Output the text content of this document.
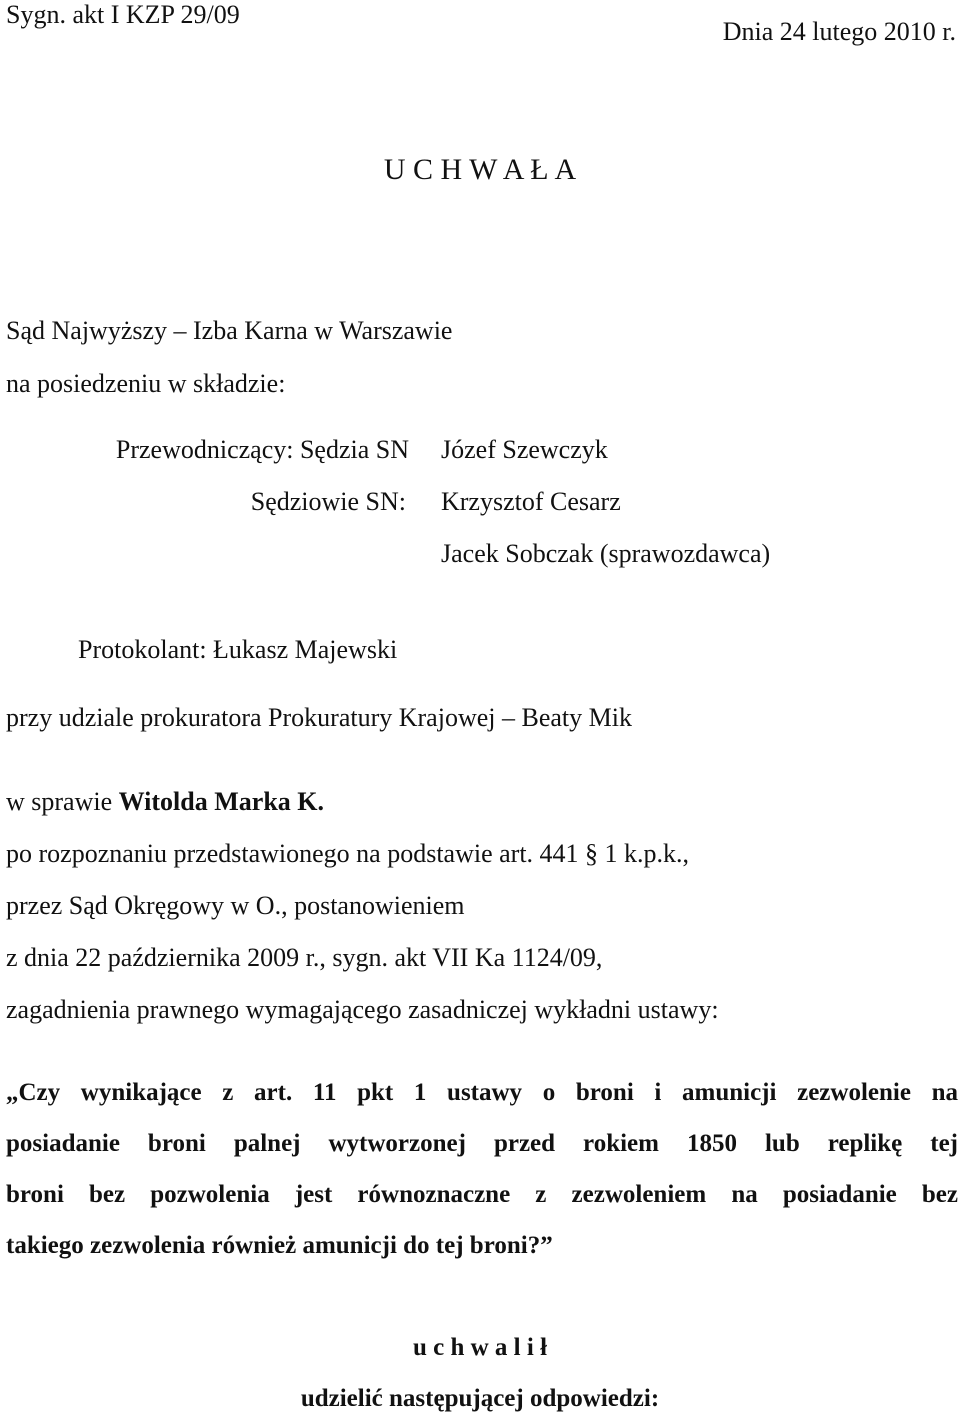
Sygn. akt I KZP 29/09
U C H W A Ł A
Dnia 24 lutego 2010 r.
Sąd Najwyższy – Izba Karna w Warszawie
na posiedzeniu w składzie:
Przewodniczący: Sędzia SN Józef Szewczyk
Sędziowie SN: Krzysztof Cesarz
Jacek Sobczak (sprawozdawca)
Protokolant: Łukasz Majewski
przy udziale prokuratora Prokuratury Krajowej – Beaty Mik
w sprawie Witolda Marka K.
po rozpoznaniu przedstawionego na podstawie art. 441 § 1 k.p.k.,
przez Sąd Okręgowy w O., postanowieniem
z dnia 22 października 2009 r., sygn. akt VII Ka 1124/09,
zagadnienia prawnego wymagającego zasadniczej wykładni ustawy:
„Czy wynikające z art. 11 pkt 1 ustawy o broni i amunicji zezwolenie na
posiadanie broni palnej wytworzonej przed rokiem 1850 lub replikę tej
broni bez pozwolenia jest równoznaczne z zezwoleniem na posiadanie bez
takiego zezwolenia również amunicji do tej broni?”
u c h w a l i ł
udzielić następującej odpowiedzi:
